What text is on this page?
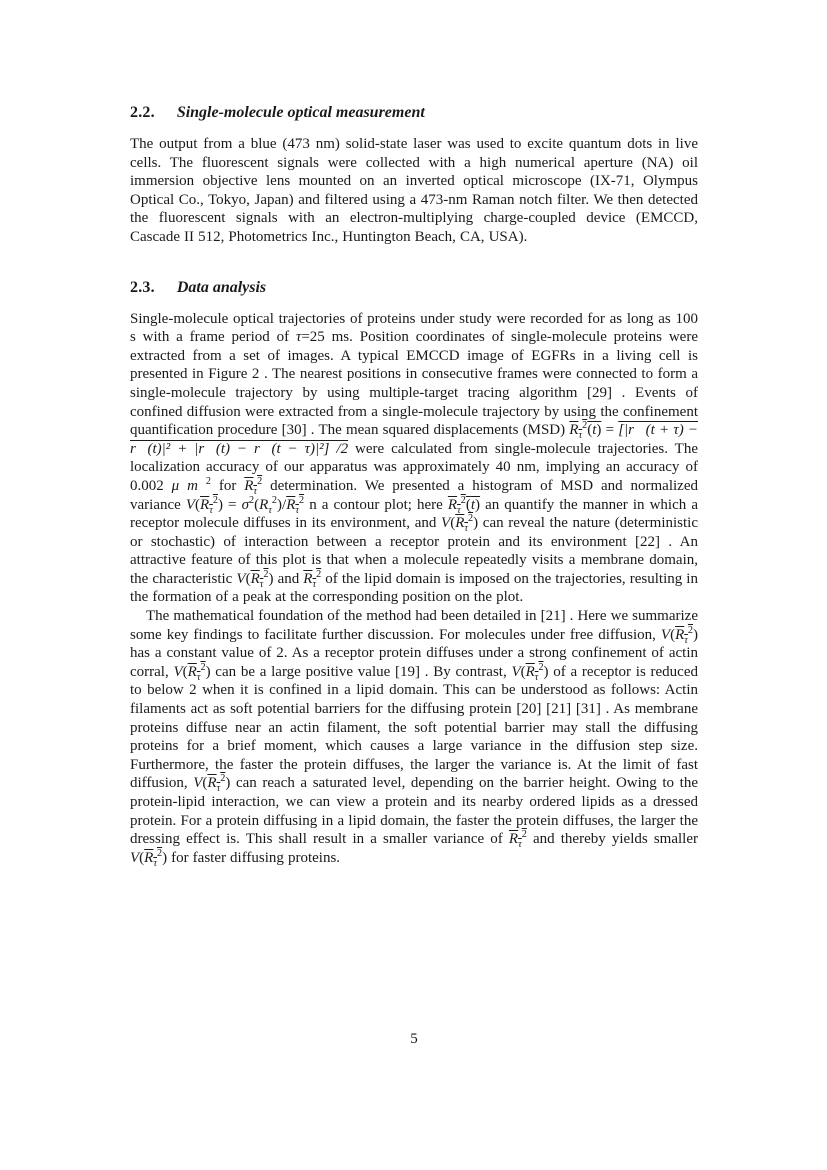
2.2. Single-molecule optical measurement

The output from a blue (473 nm) solid-state laser was used to excite quantum dots in live cells. The fluorescent signals were collected with a high numerical aperture (NA) oil immersion objective lens mounted on an inverted optical microscope (IX-71, Olympus Optical Co., Tokyo, Japan) and filtered using a 473-nm Raman notch filter. We then detected the fluorescent signals with an electron-multiplying charge-coupled device (EMCCD, Cascade II 512, Photometrics Inc., Huntington Beach, CA, USA).

2.3. Data analysis

Single-molecule optical trajectories of proteins under study were recorded for as long as 100 s with a frame period of τ=25 ms. Position coordinates of single-molecule proteins were extracted from a set of images. A typical EMCCD image of EGFRs in a living cell is presented in Figure 2 . The nearest positions in consecutive frames were connected to form a single-molecule trajectory by using multiple-target tracing algorithm [29] . Events of confined diffusion were extracted from a single-molecule trajectory by using the confinement quantification procedure [30] . The mean squared displacements (MSD) $R_\tau^2(t)$ = [|r⃗(t + τ) − r⃗(t)|² + |r⃗(t) − r⃗(t − τ)|²] /2 were calculated from single-molecule trajectories. The localization accuracy of our apparatus was approximately 40 nm, implying an accuracy of 0.002 μ m $^2$ for $R_\tau^2$ determination. We presented a histogram of MSD and normalized variance $V(R_\tau^2) = \sigma^2(R_\tau^2)/R_\tau^2$ n a contour plot; here $R_\tau^2(t)$ an quantify the manner in which a receptor molecule diffuses in its environment, and $V(R_\tau^2)$ can reveal the nature (deterministic or stochastic) of interaction between a receptor protein and its environment [22] . An attractive feature of this plot is that when a molecule repeatedly visits a membrane domain, the characteristic $V(R_\tau^2)$ and $R_\tau^2$ of the lipid domain is imposed on the trajectories, resulting in the formation of a peak at the corresponding position on the plot.

The mathematical foundation of the method had been detailed in [21] . Here we summarize some key findings to facilitate further discussion. For molecules under free diffusion, $V(R_\tau^2)$ has a constant value of 2. As a receptor protein diffuses under a strong confinement of actin corral, $V(R_\tau^2)$ can be a large positive value [19] . By contrast, $V(R_\tau^2)$ of a receptor is reduced to below 2 when it is confined in a lipid domain. This can be understood as follows: Actin filaments act as soft potential barriers for the diffusing protein [20] [21] [31] . As membrane proteins diffuse near an actin filament, the soft potential barrier may stall the diffusing proteins for a brief moment, which causes a large variance in the diffusion step size. Furthermore, the faster the protein diffuses, the larger the variance is. At the limit of fast diffusion, $V(R_\tau^2)$ can reach a saturated level, depending on the barrier height. Owing to the protein-lipid interaction, we can view a protein and its nearby ordered lipids as a dressed protein. For a protein diffusing in a lipid domain, the faster the protein diffuses, the larger the dressing effect is. This shall result in a smaller variance of $R_\tau^2$ and thereby yields smaller $V(R_\tau^2)$ for faster diffusing proteins.

5
